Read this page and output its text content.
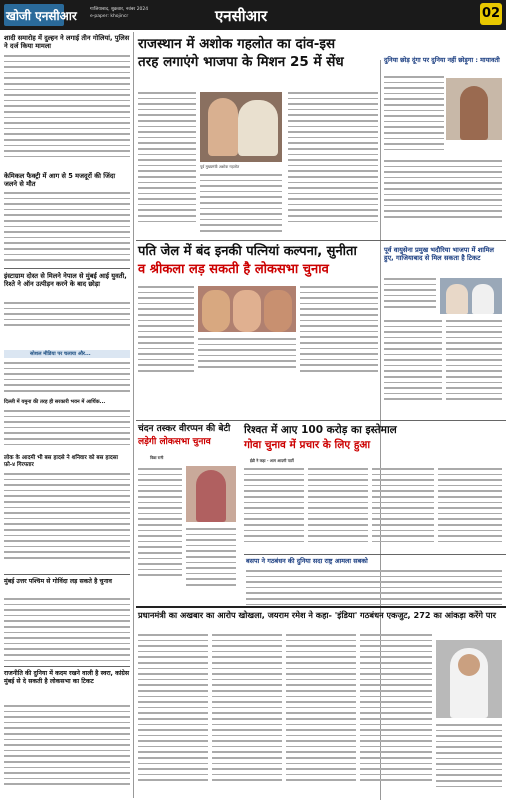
खोजी एनसीआर	गाजियाबाद, शुक्रवार, नवंबर 2024
e-paper: khojincr	एनसीआर	02
शादी समारोह में दुल्हन ने लगाई तीन गोलियां, पुलिस ने दर्ज किया मामला
केमिकल फैक्ट्री में आग से 5 मजदूरों की जिंदा जलने से मौत
इंस्टाग्राम दोस्त से मिलने नेपाल से मुंबई आई युवती, रिश्ते ने ऑन उत्पीड़न करने के बाद छोड़ा
सोशल मीडिया पर चलाया और...
दिल्ली में यमुना की तरह ही सरकारी भवन में आर्थिक...
लोक के आदमी भी बस हादसे ने शनिवार को बस हादसा फ़ो-४ गिरफ्तार
मुंबई उत्तर पश्चिम से गोविंदा लड़ सकते है चुनाव
राजनीति की दुनिया में कदम रखने वाली है स्वरा, कांग्रेस मुंबई से दे सकती है लोकसभा का टिकट
राजस्थान में अशोक गहलोत का दांव-इस
तरह लगाएंगे भाजपा के मिशन 25 में सेंध
पूर्व मुख्यमंत्री अशोक गहलोत
दुनिया छोड़ दूंगा पर दुनिया नहीं छोड़ूगा : मायावती
पति जेल में बंद इनकी पत्नियां कल्पना, सुनीता
व श्रीकला लड़ सकती है लोकसभा चुनाव
पूर्व वायुसेना प्रमुख भदौरिया भाजपा में शामिल हुए, गाजियाबाद से मिल सकता है टिकट
चंदन तस्कर वीरप्पन की बेटी
लड़ेगी लोकसभा चुनाव
विद्या रानी
रिश्वत में आए 100 करोड़ का इस्तेमाल
गोवा चुनाव में प्रचार के लिए हुआ
ईडी ने कहा - आम आदमी पार्टी
बसपा ने गठबंधन की दुनिया सदा राष्ट्र आमला सबको
प्रधानमंत्री का अखबार का आरोप खोखला, जयराम रमेश ने कहा- 'इंडिया' गठबंधन एकजुट, 272 का आंकड़ा करेंगे पार
